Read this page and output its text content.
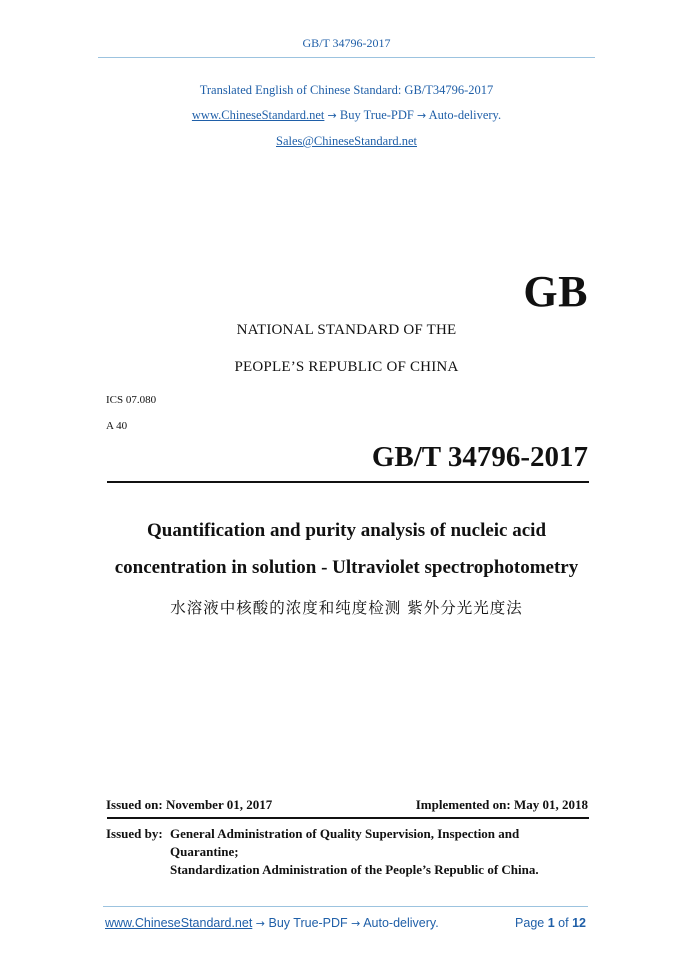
GB/T 34796-2017
Translated English of Chinese Standard: GB/T34796-2017
www.ChineseStandard.net → Buy True-PDF → Auto-delivery.
Sales@ChineseStandard.net
GB
NATIONAL STANDARD OF THE
PEOPLE’S REPUBLIC OF CHINA
ICS 07.080
A 40
GB/T 34796-2017
Quantification and purity analysis of nucleic acid
concentration in solution - Ultraviolet spectrophotometry
水溶液中核酸的浓度和纯度检测 紫外分光光度法
Issued on: November 01, 2017	Implemented on: May 01, 2018
Issued by: General Administration of Quality Supervision, Inspection and
Quarantine;
Standardization Administration of the People’s Republic of China.
www.ChineseStandard.net → Buy True-PDF → Auto-delivery.	Page 1 of 12
